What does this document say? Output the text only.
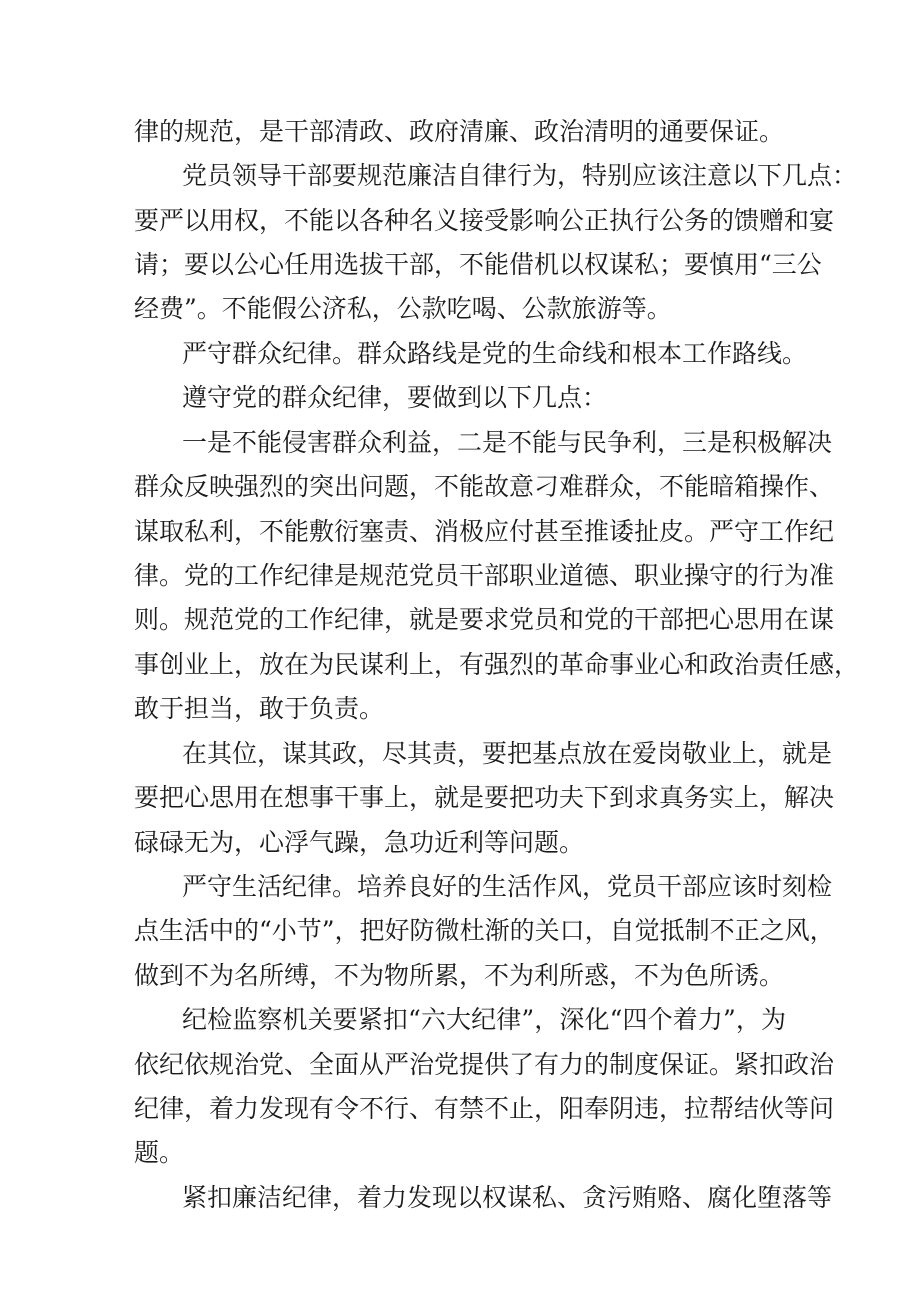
律的规范，是干部清政、政府清廉、政治清明的通要保证。
党员领导干部要规范廉洁自律行为，特别应该注意以下几点：
要严以用权，不能以各种名义接受影响公正执行公务的馈赠和宴
请；要以公心任用选拔干部，不能借机以权谋私；要慎用“三公
经费”。不能假公济私，公款吃喝、公款旅游等。
严守群众纪律。群众路线是党的生命线和根本工作路线。
遵守党的群众纪律，要做到以下几点：
一是不能侵害群众利益，二是不能与民争利，三是积极解决
群众反映强烈的突出问题，不能故意刁难群众，不能暗箱操作、
谋取私利，不能敷衍塞责、消极应付甚至推诿扯皮。严守工作纪
律。党的工作纪律是规范党员干部职业道德、职业操守的行为准
则。规范党的工作纪律，就是要求党员和党的干部把心思用在谋
事创业上，放在为民谋利上，有强烈的革命事业心和政治责任感，
敢于担当，敢于负责。
在其位，谋其政，尽其责，要把基点放在爱岗敬业上，就是
要把心思用在想事干事上，就是要把功夫下到求真务实上，解决
碌碌无为，心浮气躁，急功近利等问题。
严守生活纪律。培养良好的生活作风，党员干部应该时刻检
点生活中的“小节”，把好防微杜渐的关口，自觉抵制不正之风，
做到不为名所缚，不为物所累，不为利所惑，不为色所诱。
纪检监察机关要紧扣“六大纪律”，深化“四个着力”，为
依纪依规治党、全面从严治党提供了有力的制度保证。紧扣政治
纪律，着力发现有令不行、有禁不止，阳奉阴违，拉帮结伙等问
题。
紧扣廉洁纪律，着力发现以权谋私、贪污贿赂、腐化堕落等
